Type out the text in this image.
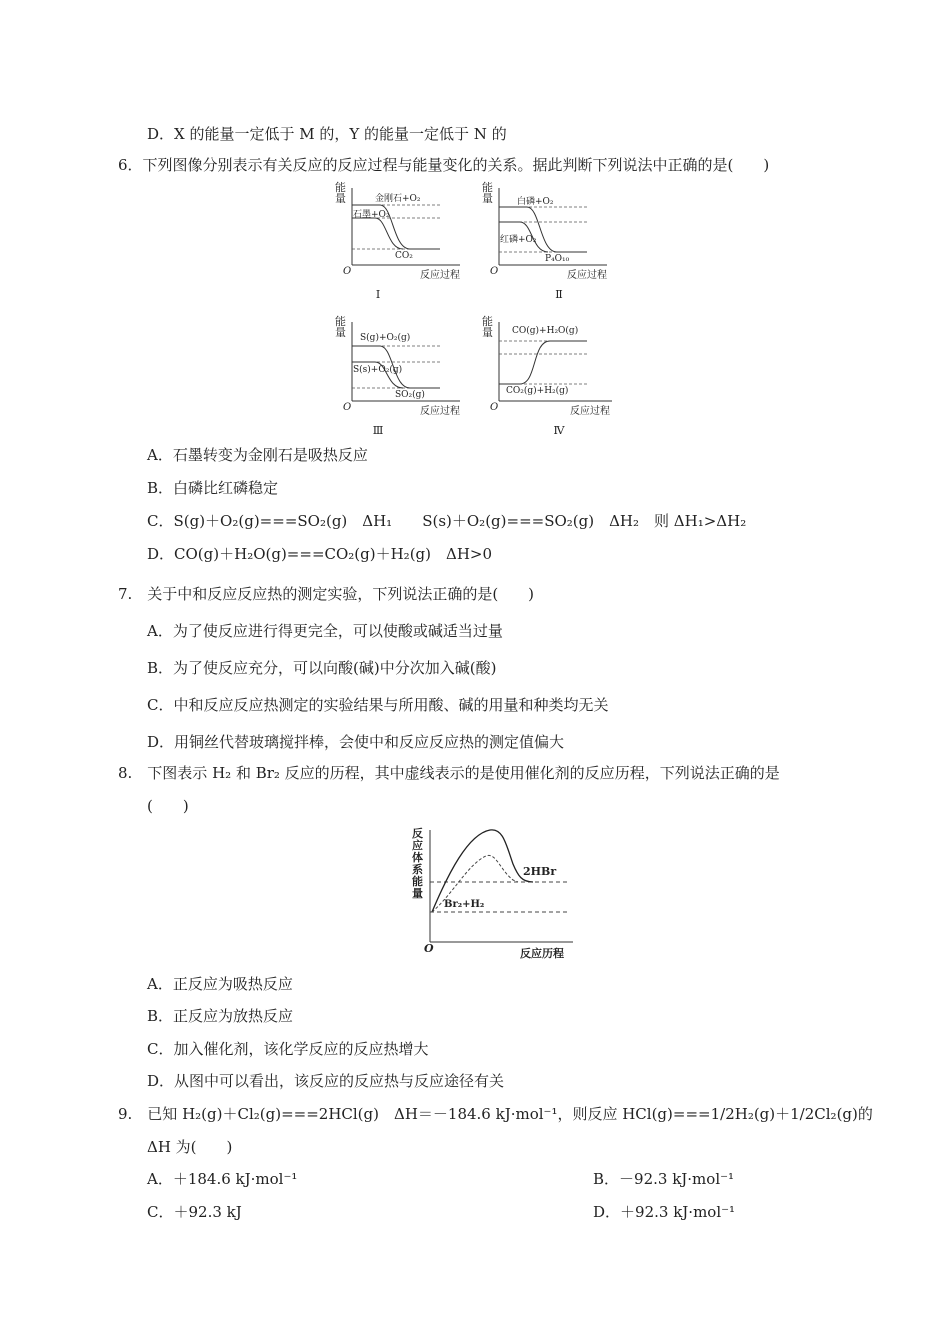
D．X 的能量一定低于 M 的，Y 的能量一定低于 N 的
6．下列图像分别表示有关反应的反应过程与能量变化的关系。据此判断下列说法中正确的是(　　)
能量	金刚石+O₂
石墨+O₂
CO₂
O	反应过程
Ⅰ
能量	白磷+O₂
红磷+O₂
P₄O₁₀
O	反应过程
Ⅱ
能量 S(g)+O₂(g)
S(s)+O₂(g)
SO₂(g)
O	反应过程
Ⅲ
能量 CO(g)+H₂O(g)
CO₂(g)+H₂(g)
O	反应过程
Ⅳ
A．石墨转变为金刚石是吸热反应
B．白磷比红磷稳定
C．S(g)＋O₂(g)===SO₂(g)　ΔH₁　　S(s)＋O₂(g)===SO₂(g)　ΔH₂　则 ΔH₁>ΔH₂
D．CO(g)＋H₂O(g)===CO₂(g)＋H₂(g)　ΔH>0
7.　关于中和反应反应热的测定实验，下列说法正确的是(　　)
A．为了使反应进行得更完全，可以使酸或碱适当过量
B．为了使反应充分，可以向酸(碱)中分次加入碱(酸)
C．中和反应反应热测定的实验结果与所用酸、碱的用量和种类均无关
D．用铜丝代替玻璃搅拌棒，会使中和反应反应热的测定值偏大
8.　下图表示 H₂ 和 Br₂ 反应的历程，其中虚线表示的是使用催化剂的反应历程，下列说法正确的是
(　　)
反应体系能量
2HBr
Br₂+H₂
O	反应历程
A．正反应为吸热反应
B．正反应为放热反应
C．加入催化剂，该化学反应的反应热增大
D．从图中可以看出，该反应的反应热与反应途径有关
9.　已知 H₂(g)＋Cl₂(g)===2HCl(g)　ΔH＝－184.6 kJ·mol⁻¹，则反应 HCl(g)===1/2H₂(g)＋1/2Cl₂(g)的
ΔH 为(　　)
A．＋184.6 kJ·mol⁻¹	B．－92.3 kJ·mol⁻¹
C．＋92.3 kJ	D．＋92.3 kJ·mol⁻¹
